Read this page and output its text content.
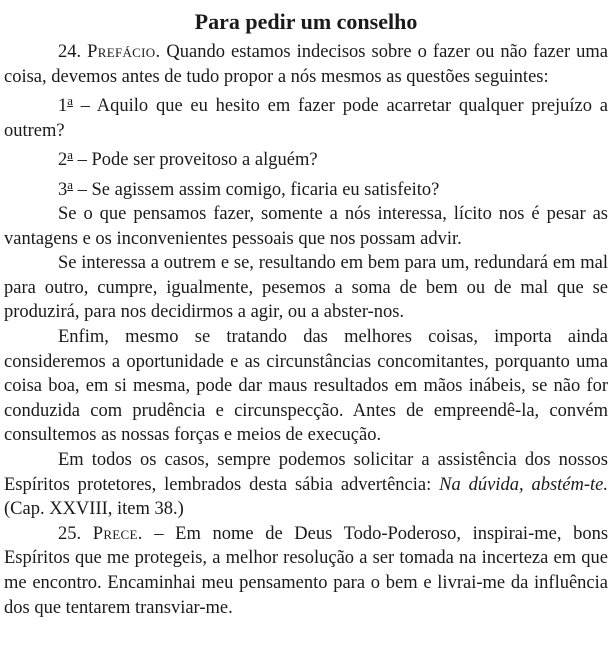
Para pedir um conselho

24. Prefácio. Quando estamos indecisos sobre o fazer ou não fazer uma coisa, devemos antes de tudo propor a nós mesmos as questões seguintes:

1$^a$ – Aquilo que eu hesito em fazer pode acarretar qualquer prejuízo a outrem?

2$^a$ – Pode ser proveitoso a alguém?

3$^a$ – Se agissem assim comigo, ficaria eu satisfeito?

Se o que pensamos fazer, somente a nós interessa, lícito nos é pesar as vantagens e os inconvenientes pessoais que nos possam advir.

Se interessa a outrem e se, resultando em bem para um, redundará em mal para outro, cumpre, igualmente, pesemos a soma de bem ou de mal que se produzirá, para nos decidirmos a agir, ou a abster-nos.

Enfim, mesmo se tratando das melhores coisas, importa ainda consideremos a oportunidade e as circunstâncias concomitantes, porquanto uma coisa boa, em si mesma, pode dar maus resultados em mãos inábeis, se não for conduzida com prudência e circunspecção. Antes de empreendê-la, convém consultemos as nossas forças e meios de execução.

Em todos os casos, sempre podemos solicitar a assistência dos nossos Espíritos protetores, lembrados desta sábia advertência: Na dúvida, abstém-te. (Cap. XXVIII, item 38.)

25. Prece. – Em nome de Deus Todo-Poderoso, inspirai-me, bons Espíritos que me protegeis, a melhor resolução a ser tomada na incerteza em que me encontro. Encaminhai meu pensamento para o bem e livrai-me da influência dos que tentarem transviar-me.
